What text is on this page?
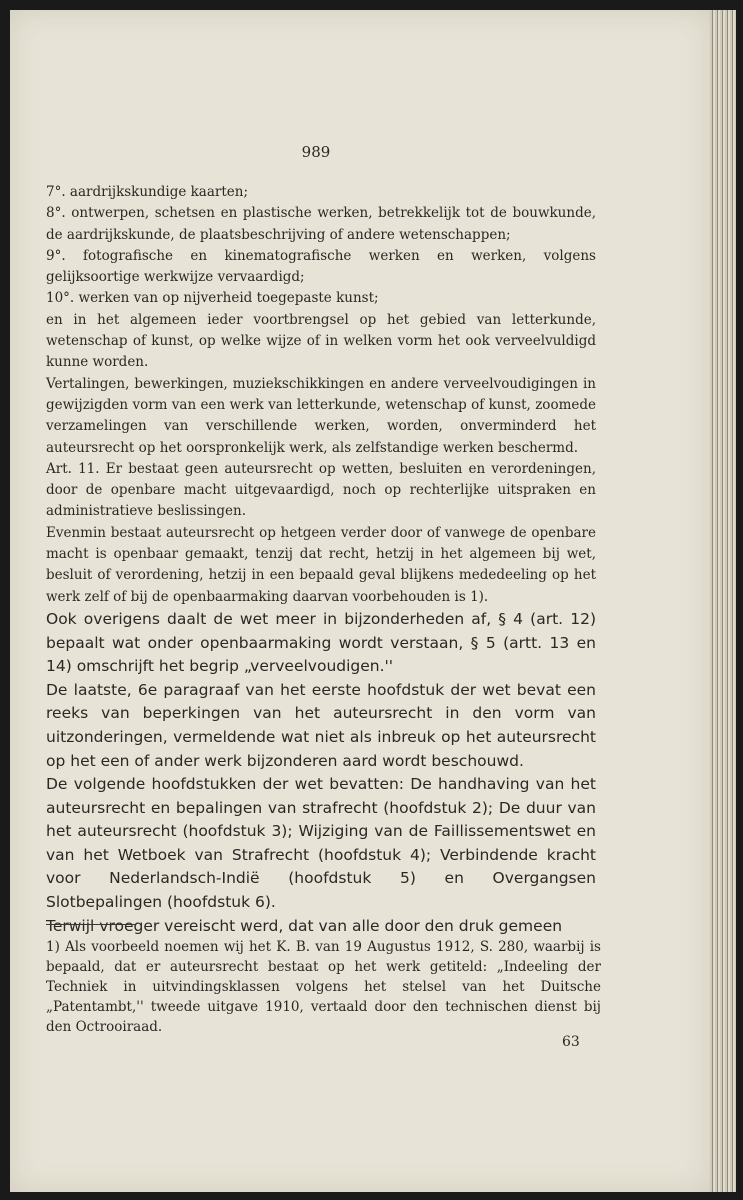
989

7°. aardrijkskundige kaarten;

8°. ontwerpen, schetsen en plastische werken, betrekkelijk tot de bouwkunde, de aardrijkskunde, de plaatsbeschrijving of andere wetenschappen;

9°. fotografische en kinematografische werken en werken, volgens gelijksoortige werkwijze vervaardigd;

10°. werken van op nijverheid toegepaste kunst;

en in het algemeen ieder voortbrengsel op het gebied van letterkunde, wetenschap of kunst, op welke wijze of in welken vorm het ook verveelvuldigd kunne worden.

Vertalingen, bewerkingen, muziekschikkingen en andere verveelvoudigingen in gewijzigden vorm van een werk van letterkunde, wetenschap of kunst, zoomede verzamelingen van verschillende werken, worden, onverminderd het auteursrecht op het oorspronkelijk werk, als zelfstandige werken beschermd.

Art. 11. Er bestaat geen auteursrecht op wetten, besluiten en verordeningen, door de openbare macht uitgevaardigd, noch op rechterlijke uitspraken en administratieve beslissingen.

Evenmin bestaat auteursrecht op hetgeen verder door of vanwege de openbare macht is openbaar gemaakt, tenzij dat recht, hetzij in het algemeen bij wet, besluit of verordening, hetzij in een bepaald geval blijkens mededeeling op het werk zelf of bij de openbaarmaking daarvan voorbehouden is 1).

Ook overigens daalt de wet meer in bijzonderheden af, § 4 (art. 12) bepaalt wat onder openbaarmaking wordt verstaan, § 5 (artt. 13 en 14) omschrijft het begrip „verveelvoudigen.''

De laatste, 6e paragraaf van het eerste hoofdstuk der wet bevat een reeks van beperkingen van het auteursrecht in den vorm van uitzonderingen, vermeldende wat niet als inbreuk op het auteursrecht op het een of ander werk bijzonderen aard wordt beschouwd.

De volgende hoofdstukken der wet bevatten: De handhaving van het auteursrecht en bepalingen van strafrecht (hoofdstuk 2); De duur van het auteursrecht (hoofdstuk 3); Wijziging van de Faillissementswet en van het Wetboek van Strafrecht (hoofdstuk 4); Verbindende kracht voor Nederlandsch-Indië (hoofdstuk 5) en Overgangsen Slotbepalingen (hoofdstuk 6).

Terwijl vroeger vereischt werd, dat van alle door den druk gemeen

1) Als voorbeeld noemen wij het K. B. van 19 Augustus 1912, S. 280, waarbij is bepaald, dat er auteursrecht bestaat op het werk getiteld: „Indeeling der Techniek in uitvindingsklassen volgens het stelsel van het Duitsche „Patentambt,'' tweede uitgave 1910, vertaald door den technischen dienst bij den Octrooiraad.

63
